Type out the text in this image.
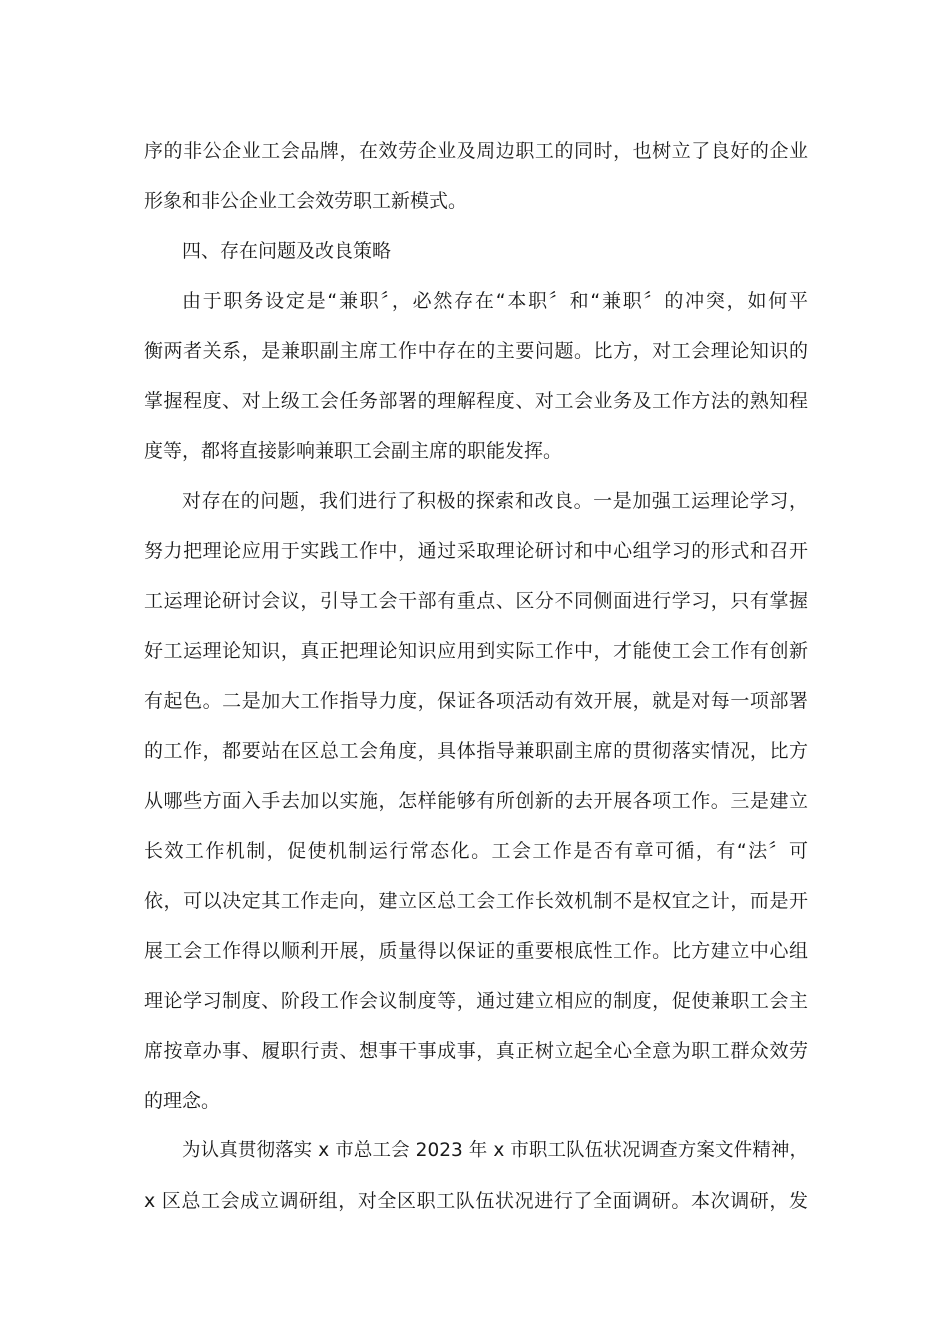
序的非公企业工会品牌，在效劳企业及周边职工的同时，也树立了良好的企业
形象和非公企业工会效劳职工新模式。
四、存在问题及改良策略
由于职务设定是“兼职〞，必然存在“本职〞和“兼职〞的冲突，如何平
衡两者关系，是兼职副主席工作中存在的主要问题。比方，对工会理论知识的
掌握程度、对上级工会任务部署的理解程度、对工会业务及工作方法的熟知程
度等，都将直接影响兼职工会副主席的职能发挥。
对存在的问题，我们进行了积极的探索和改良。一是加强工运理论学习，
努力把理论应用于实践工作中，通过采取理论研讨和中心组学习的形式和召开
工运理论研讨会议，引导工会干部有重点、区分不同侧面进行学习，只有掌握
好工运理论知识，真正把理论知识应用到实际工作中，才能使工会工作有创新
有起色。二是加大工作指导力度，保证各项活动有效开展，就是对每一项部署
的工作，都要站在区总工会角度，具体指导兼职副主席的贯彻落实情况，比方
从哪些方面入手去加以实施，怎样能够有所创新的去开展各项工作。三是建立
长效工作机制，促使机制运行常态化。工会工作是否有章可循，有“法〞可
依，可以决定其工作走向，建立区总工会工作长效机制不是权宜之计，而是开
展工会工作得以顺利开展，质量得以保证的重要根底性工作。比方建立中心组
理论学习制度、阶段工作会议制度等，通过建立相应的制度，促使兼职工会主
席按章办事、履职行责、想事干事成事，真正树立起全心全意为职工群众效劳
的理念。
为认真贯彻落实 x 市总工会 2023 年 x 市职工队伍状况调查方案文件精神，
x 区总工会成立调研组，对全区职工队伍状况进行了全面调研。本次调研，发
